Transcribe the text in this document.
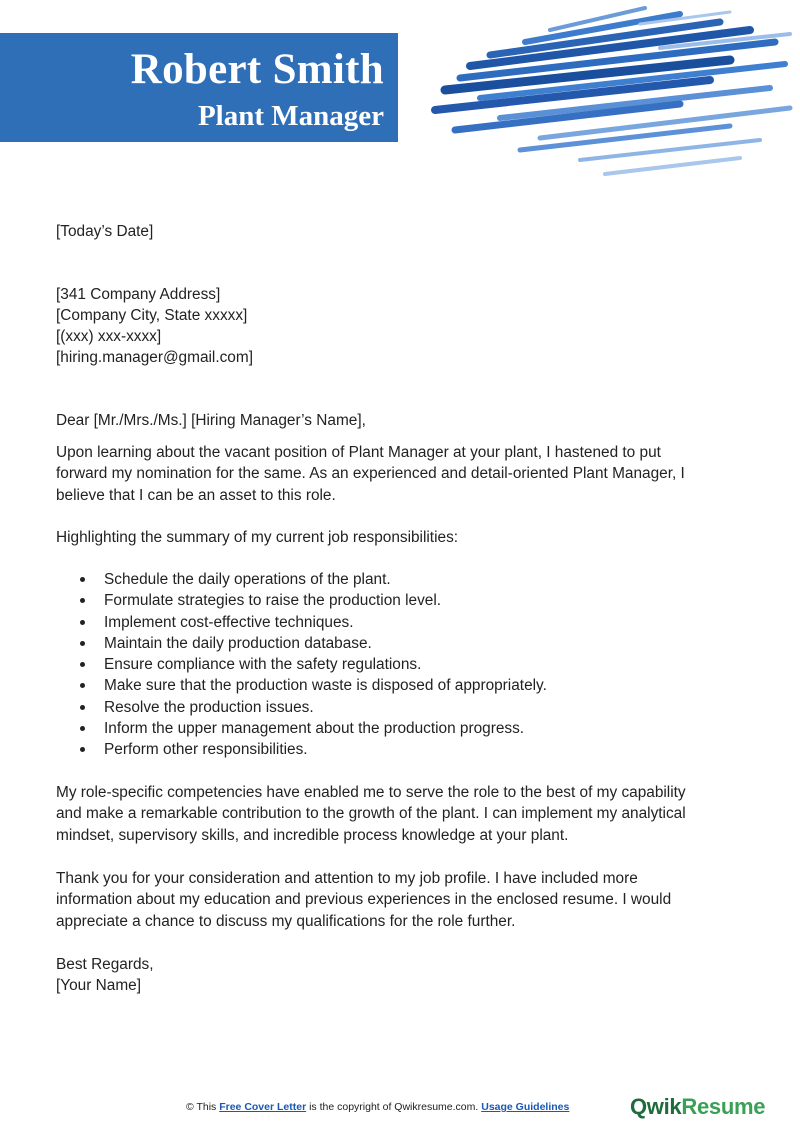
Robert Smith
Plant Manager
[Today’s Date]
[341 Company Address]
[Company City, State xxxxx]
[(xxx) xxx-xxxx]
[hiring.manager@gmail.com]
Dear [Mr./Mrs./Ms.] [Hiring Manager’s Name],
Upon learning about the vacant position of Plant Manager at your plant, I hastened to put
forward my nomination for the same. As an experienced and detail-oriented Plant Manager, I
believe that I can be an asset to this role.
Highlighting the summary of my current job responsibilities:
Schedule the daily operations of the plant.
Formulate strategies to raise the production level.
Implement cost-effective techniques.
Maintain the daily production database.
Ensure compliance with the safety regulations.
Make sure that the production waste is disposed of appropriately.
Resolve the production issues.
Inform the upper management about the production progress.
Perform other responsibilities.
My role-specific competencies have enabled me to serve the role to the best of my capability
and make a remarkable contribution to the growth of the plant. I can implement my analytical
mindset, supervisory skills, and incredible process knowledge at your plant.
Thank you for your consideration and attention to my job profile. I have included more
information about my education and previous experiences in the enclosed resume. I would
appreciate a chance to discuss my qualifications for the role further.
Best Regards,
[Your Name]
© This Free Cover Letter is the copyright of Qwikresume.com. Usage Guidelines	QwikResume
